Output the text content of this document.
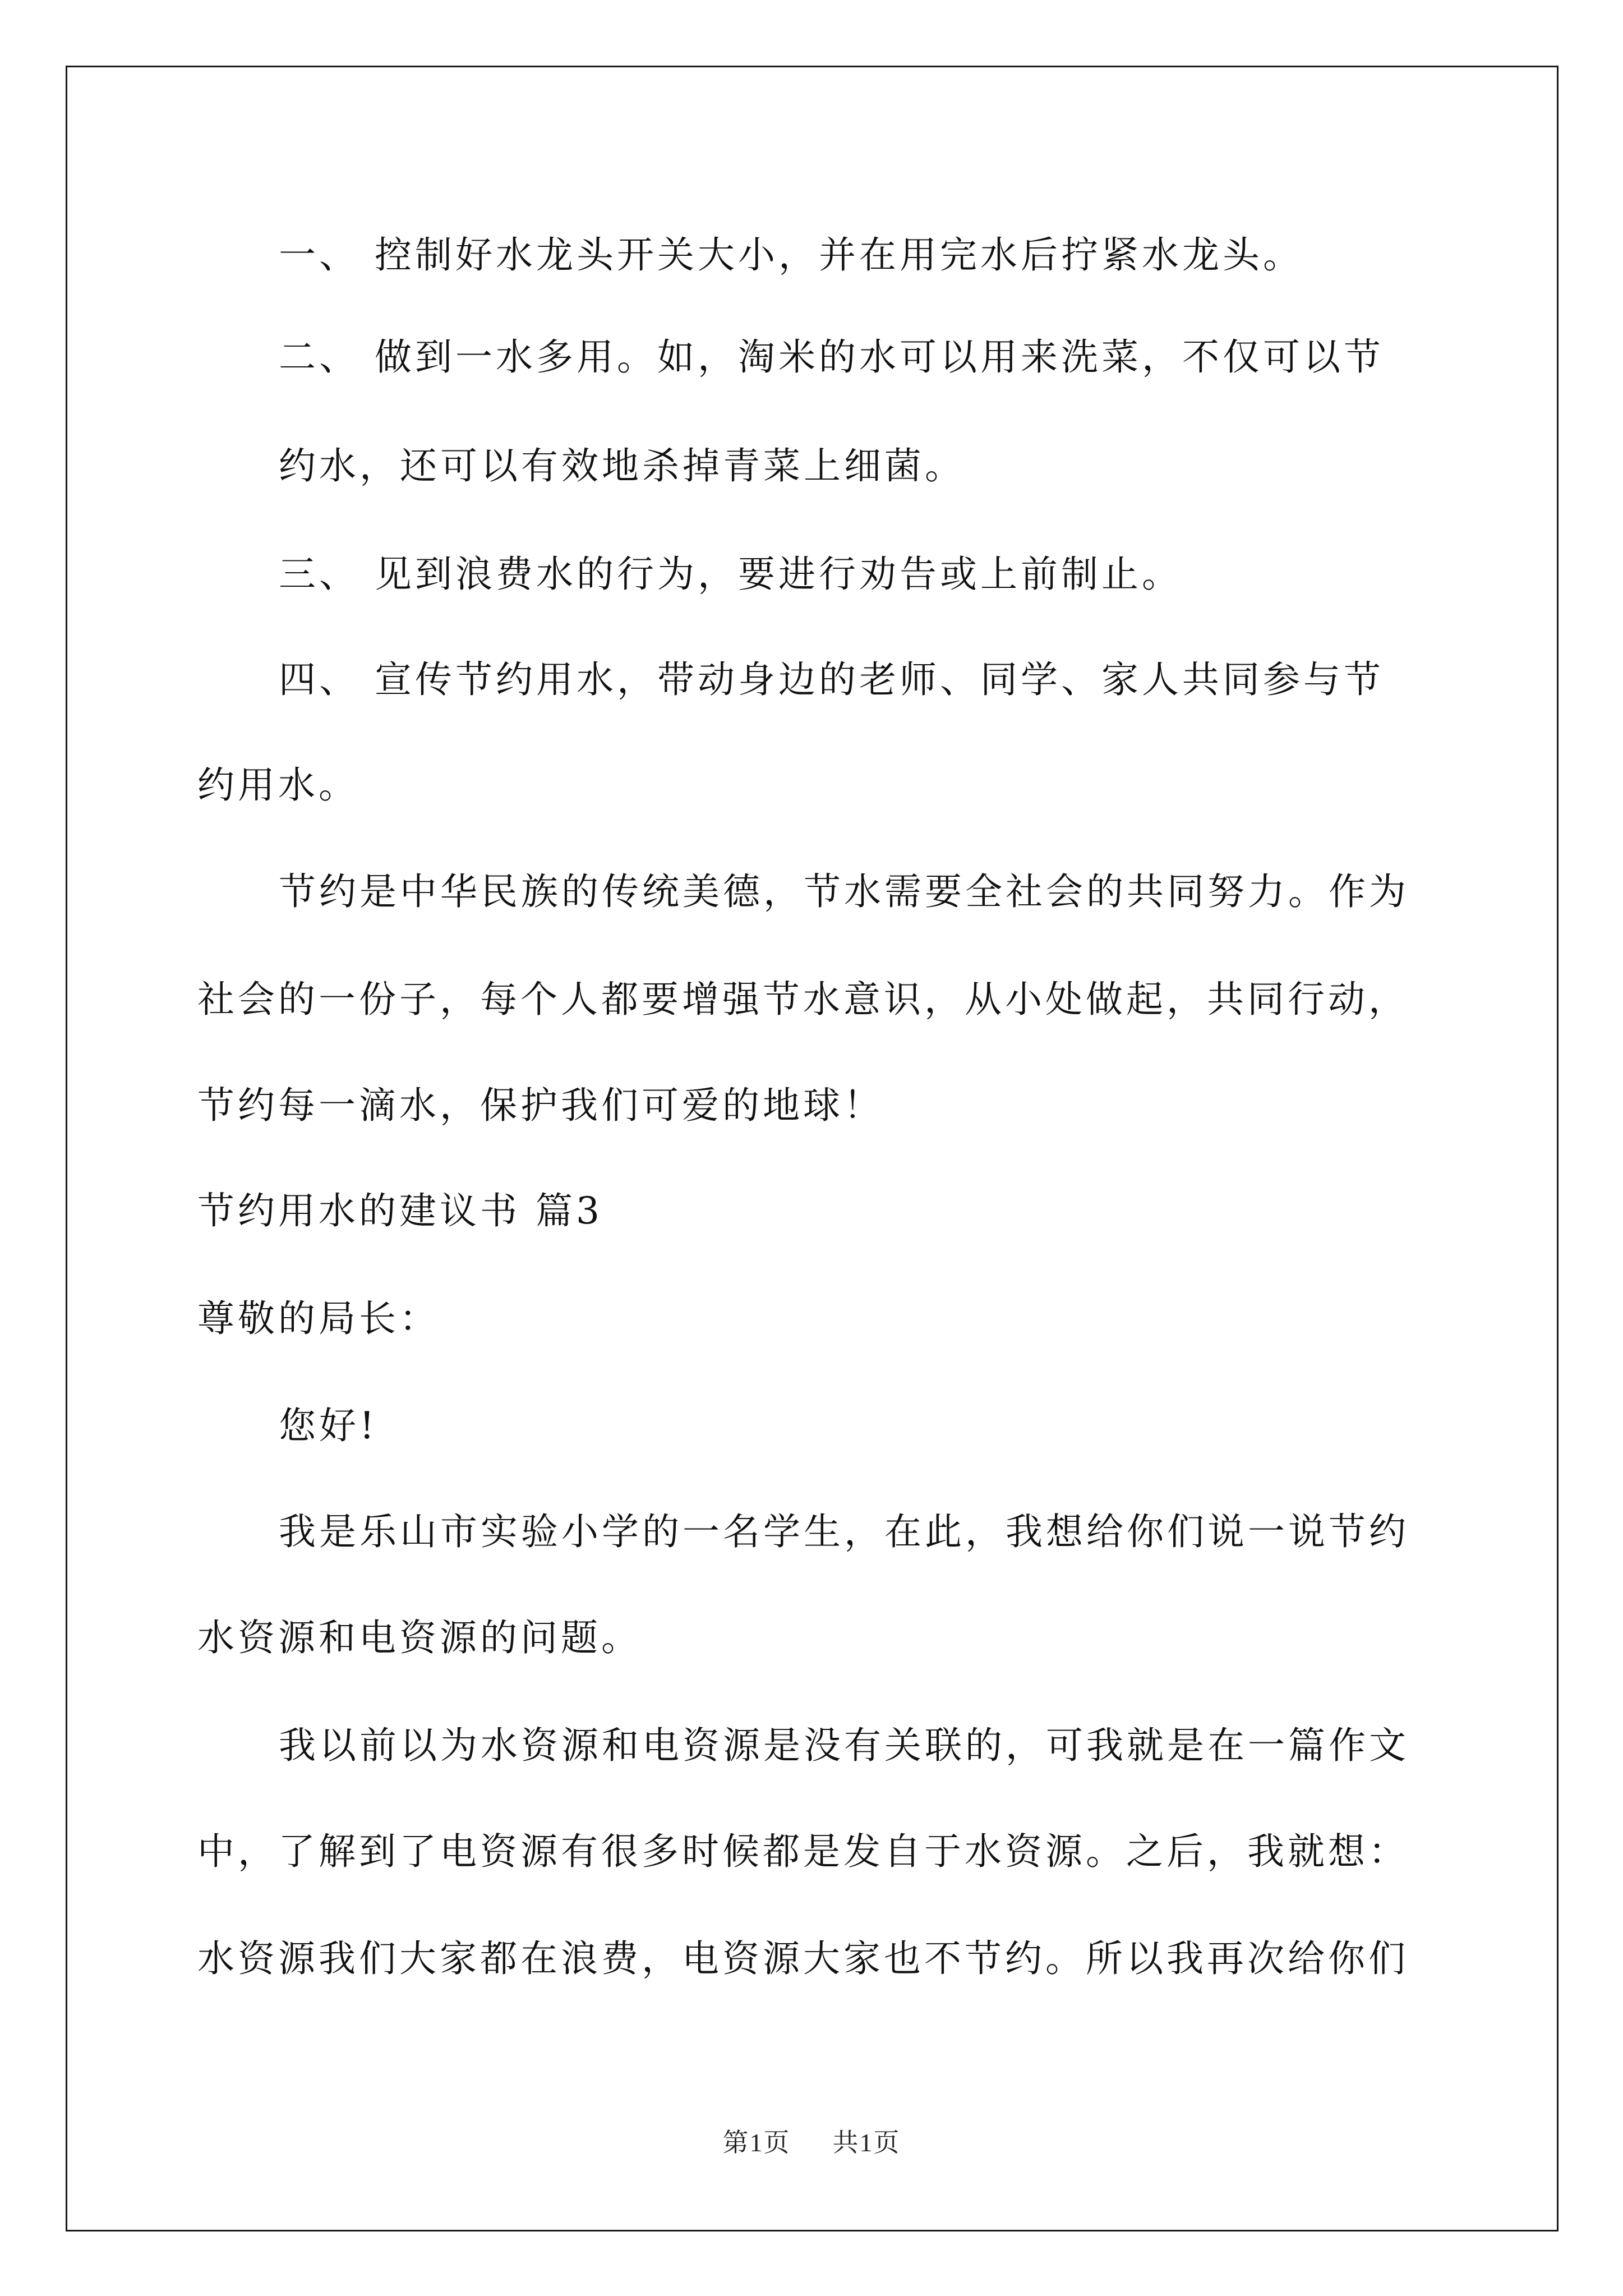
一、 控制好水龙头开关大小，并在用完水后拧紧水龙头。
二、 做到一水多用。如，淘米的水可以用来洗菜，不仅可以节
约水，还可以有效地杀掉青菜上细菌。
三、 见到浪费水的行为，要进行劝告或上前制止。
四、 宣传节约用水，带动身边的老师、同学、家人共同参与节
约用水。
节约是中华民族的传统美德，节水需要全社会的共同努力。作为
社会的一份子，每个人都要增强节水意识，从小处做起，共同行动，
节约每一滴水，保护我们可爱的地球！
节约用水的建议书 篇3
尊敬的局长：
您好!
我是乐山市实验小学的一名学生，在此，我想给你们说一说节约
水资源和电资源的问题。
我以前以为水资源和电资源是没有关联的，可我就是在一篇作文
中，了解到了电资源有很多时候都是发自于水资源。之后，我就想：
水资源我们大家都在浪费，电资源大家也不节约。所以我再次给你们
第1页 共1页
